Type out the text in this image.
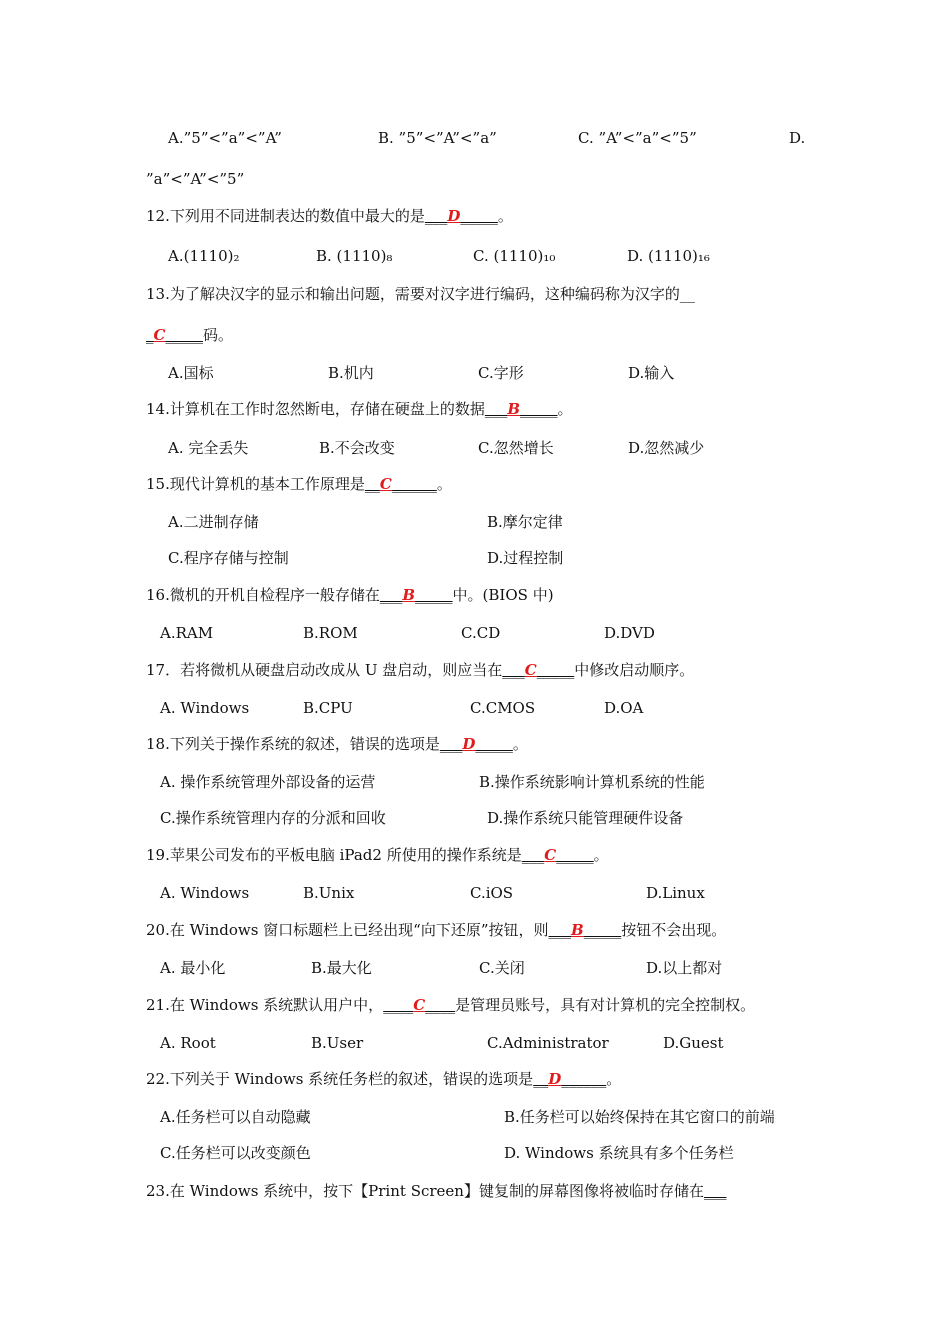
A.”5”<”a”<”A”	B. ”5”<”A”<”a”	C. ”A”<”a”<”5”	D.
”a”<”A”<”5”
12.下列用不同进制表达的数值中最大的是___D_____。
A.(1110)₂	B. (1110)₈	C. (1110)₁₀	D. (1110)₁₆
13.为了解决汉字的显示和输出问题，需要对汉字进行编码，这种编码称为汉字的__
_C_____码。
A.国标	B.机内	C.字形	D.输入
14.计算机在工作时忽然断电，存储在硬盘上的数据___B_____。
A. 完全丢失	B.不会改变	C.忽然增长	D.忽然减少
15.现代计算机的基本工作原理是__C______。
A.二进制存储	B.摩尔定律
C.程序存储与控制	D.过程控制
16.微机的开机自检程序一般存储在___B_____中。(BIOS 中)
A.RAM	B.ROM	C.CD	D.DVD
17．若将微机从硬盘启动改成从 U 盘启动，则应当在___C_____中修改启动顺序。
A. Windows	B.CPU	C.CMOS	D.OA
18.下列关于操作系统的叙述，错误的选项是___D_____。
A. 操作系统管理外部设备的运营	B.操作系统影响计算机系统的性能
C.操作系统管理内存的分派和回收	D.操作系统只能管理硬件设备
19.苹果公司发布的平板电脑 iPad2 所使用的操作系统是___C_____。
A. Windows	B.Unix	C.iOS	D.Linux
20.在 Windows 窗口标题栏上已经出现“向下还原”按钮，则___B_____按钮不会出现。
A. 最小化	B.最大化	C.关闭	D.以上都对
21.在 Windows 系统默认用户中，____C____是管理员账号，具有对计算机的完全控制权。
A. Root	B.User	C.Administrator	D.Guest
22.下列关于 Windows 系统任务栏的叙述，错误的选项是__D______。
A.任务栏可以自动隐藏	B.任务栏可以始终保持在其它窗口的前端
C.任务栏可以改变颜色	D. Windows 系统具有多个任务栏
23.在 Windows 系统中，按下【Print Screen】键复制的屏幕图像将被临时存储在___
